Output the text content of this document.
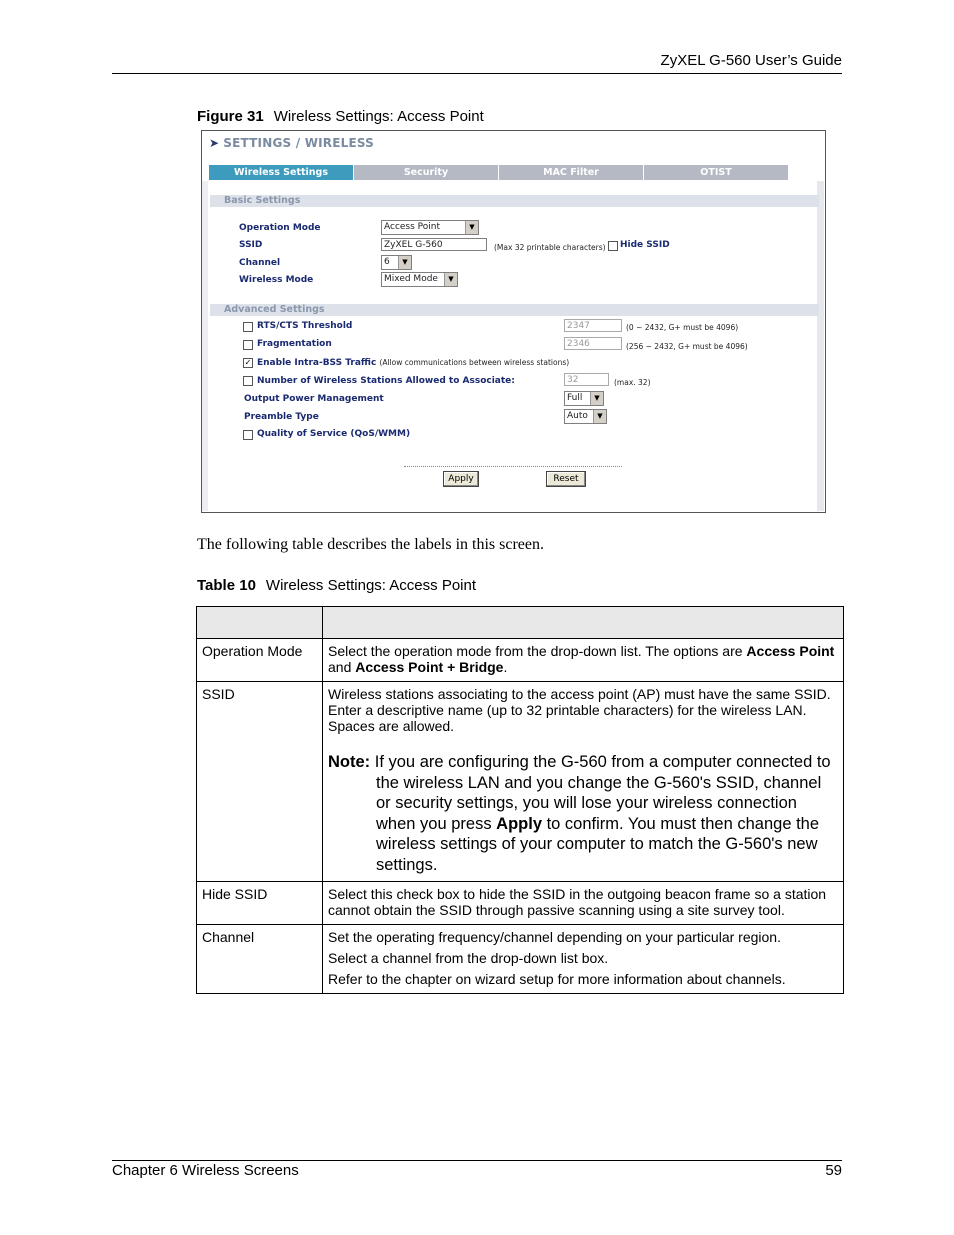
ZyXEL G-560 User’s Guide
Figure 31 Wireless Settings: Access Point
➤ SETTINGS / WIRELESS
Wireless Settings	Security	MAC Filter	OTIST
Basic Settings
Operation Mode	Access Point	▼
SSID	ZyXEL G-560	(Max 32 printable characters) Hide SSID
Channel	6	▼
Wireless Mode	Mixed Mode	▼
Advanced Settings
RTS/CTS Threshold	2347	(0 ~ 2432, G+ must be 4096)
Fragmentation	2346	(256 ~ 2432, G+ must be 4096)
✓ Enable Intra-BSS Traffic (Allow communications between wireless stations)
Number of Wireless Stations Allowed to Associate:	32	(max. 32)
Output Power Management	Full	▼
Preamble Type	Auto	▼
Quality of Service (QoS/WMM)
Apply	Reset
The following table describes the labels in this screen.
Table 10 Wireless Settings: Access Point

Operation Mode	Select the operation mode from the drop-down list. The options are Access Point and Access Point + Bridge.
SSID	Wireless stations associating to the access point (AP) must have the same SSID. Enter a descriptive name (up to 32 printable characters) for the wireless LAN. Spaces are allowed.
Note: If you are configuring the G-560 from a computer connected to the wireless LAN and you change the G-560's SSID, channel or security settings, you will lose your wireless connection when you press Apply to confirm. You must then change the wireless settings of your computer to match the G-560's new settings.

Hide SSID	Select this check box to hide the SSID in the outgoing beacon frame so a station cannot obtain the SSID through passive scanning using a site survey tool.
Channel	Set the operating frequency/channel depending on your particular region.
Select a channel from the drop-down list box.
Refer to the chapter on wizard setup for more information about channels.
Chapter 6 Wireless Screens	59
